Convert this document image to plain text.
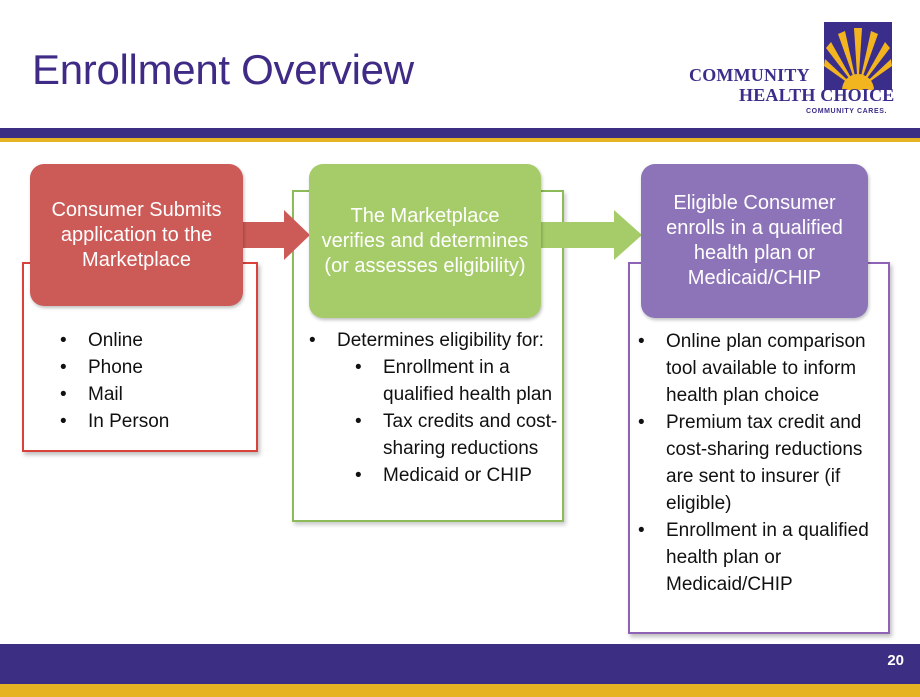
Enrollment Overview	COMMUNITY
HEALTH CHOICE
COMMUNITY CARES.
Consumer Submits application to the Marketplace
The Marketplace verifies and determines (or assesses eligibility)
Eligible Consumer enrolls in a qualified health plan or Medicaid/CHIP
• Online
• Phone
• Mail
• In Person
• Determines eligibility for:
• Enrollment in a qualified health plan
• Tax credits and cost-sharing reductions
• Medicaid or CHIP
• Online plan comparison tool available to inform health plan choice
• Premium tax credit and cost-sharing reductions are sent to insurer (if eligible)
• Enrollment in a qualified health plan or Medicaid/CHIP
20
